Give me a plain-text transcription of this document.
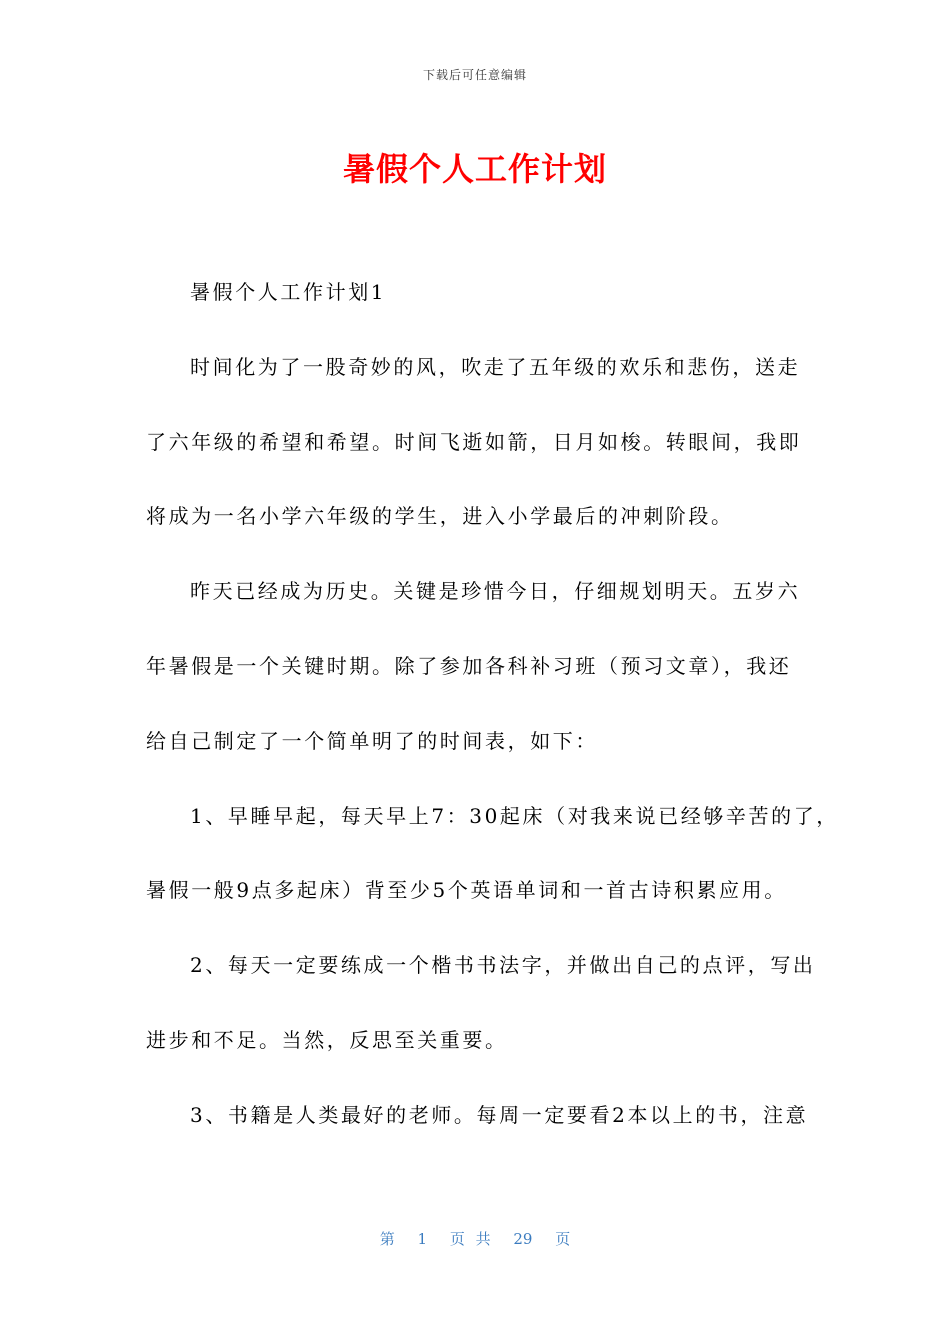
下载后可任意编辑
暑假个人工作计划
暑假个人工作计划1
时间化为了一股奇妙的风，吹走了五年级的欢乐和悲伤，送走
了六年级的希望和希望。时间飞逝如箭，日月如梭。转眼间，我即
将成为一名小学六年级的学生，进入小学最后的冲刺阶段。
昨天已经成为历史。关键是珍惜今日，仔细规划明天。五岁六
年暑假是一个关键时期。除了参加各科补习班（预习文章），我还
给自己制定了一个简单明了的时间表，如下：
1、早睡早起，每天早上7：30起床（对我来说已经够辛苦的了，
暑假一般9点多起床）背至少5个英语单词和一首古诗积累应用。
2、每天一定要练成一个楷书书法字，并做出自己的点评，写出
进步和不足。当然，反思至关重要。
3、书籍是人类最好的老师。每周一定要看2本以上的书，注意
第 1 页 共 29 页
